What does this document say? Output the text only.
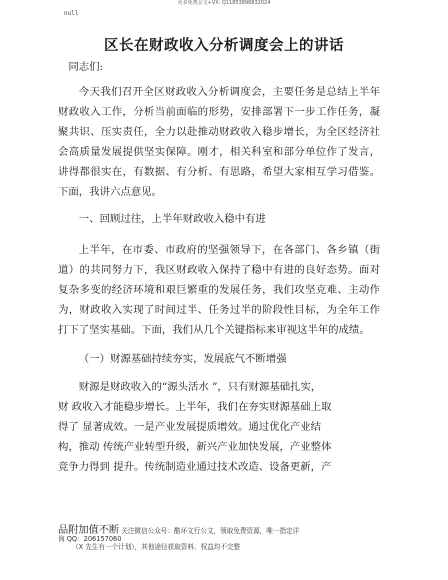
更多免费会文+VX: Q11853896832024
null
区长在财政收入分析调度会上的讲话

同志们:

今天我们召开全区财政收入分析调度会，主要任务是总结上半年财政收入工作，分析当前面临的形势，安排部署下一步工作任务，凝聚共识、压实责任，全力以赴推动财政收入稳步增长，为全区经济社会高质量发展提供坚实保障。刚才，相关科室和部分单位作了发言，讲得都很实在，有数据、有分析、有思路，希望大家相互学习借鉴。下面，我讲六点意见。

一、回顾过往，上半年财政收入稳中有进

上半年，在市委、市政府的坚强领导下，在各部门、各乡镇（街道）的共同努力下，我区财政收入保持了稳中有进的良好态势。面对复杂多变的经济环境和艰巨繁重的发展任务，我们攻坚克难、主动作为，财政收入实现了时间过半、任务过半的阶段性目标，为全年工作打下了坚实基础。下面，我们从几个关键指标来审视这半年的成绩。

（一）财源基础持续夯实，发展底气不断增强

财源是财政收入的“源头活水 ”，只有财源基础扎实，
财 政收入才能稳步增长。上半年，我们在夯实财源基础上取
得了 显著成效。一是产业发展提质增效。通过优化产业结
构，推动 传统产业转型升级，新兴产业加快发展，产业整体
竞争力得到 提升。传统制造业通过技术改造、设备更新，产
品附加值不断 关注微信公众号：酷坏文行公文，领取免费资源，唯一指定详
询 QQ：206157060
（X 先生有一个计划），其他途径获取资料、权益均不完整
